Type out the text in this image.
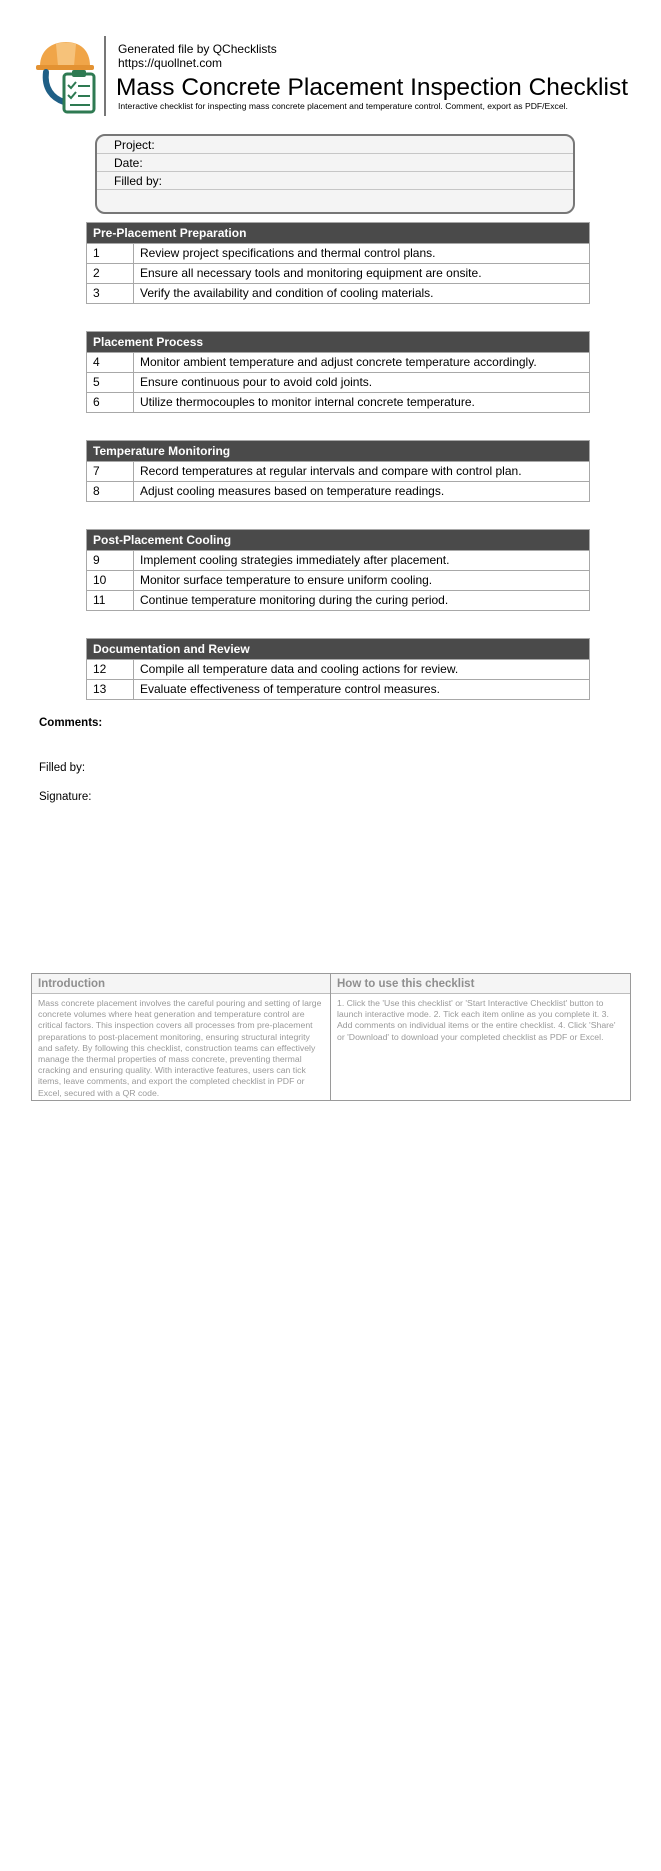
Generated file by QChecklists
https://quollnet.com
Mass Concrete Placement Inspection Checklist
Interactive checklist for inspecting mass concrete placement and temperature control. Comment, export as PDF/Excel.
Project:
Date:
Filled by:
Pre-Placement Preparation
1	Review project specifications and thermal control plans.
2	Ensure all necessary tools and monitoring equipment are onsite.
3	Verify the availability and condition of cooling materials.
Placement Process
4	Monitor ambient temperature and adjust concrete temperature accordingly.
5	Ensure continuous pour to avoid cold joints.
6	Utilize thermocouples to monitor internal concrete temperature.
Temperature Monitoring
7	Record temperatures at regular intervals and compare with control plan.
8	Adjust cooling measures based on temperature readings.
Post-Placement Cooling
9	Implement cooling strategies immediately after placement.
10	Monitor surface temperature to ensure uniform cooling.
11	Continue temperature monitoring during the curing period.
Documentation and Review
12	Compile all temperature data and cooling actions for review.
13	Evaluate effectiveness of temperature control measures.
Comments:
Filled by:
Signature:
Introduction
Mass concrete placement involves the careful pouring and setting of large concrete volumes where heat generation and temperature control are critical factors. This inspection covers all processes from pre-placement preparations to post-placement monitoring, ensuring structural integrity and safety. By following this checklist, construction teams can effectively manage the thermal properties of mass concrete, preventing thermal cracking and ensuring quality. With interactive features, users can tick items, leave comments, and export the completed checklist in PDF or Excel, secured with a QR code.
How to use this checklist
1. Click the 'Use this checklist' or 'Start Interactive Checklist' button to launch interactive mode. 2. Tick each item online as you complete it. 3. Add comments on individual items or the entire checklist. 4. Click 'Share' or 'Download' to download your completed checklist as PDF or Excel.
